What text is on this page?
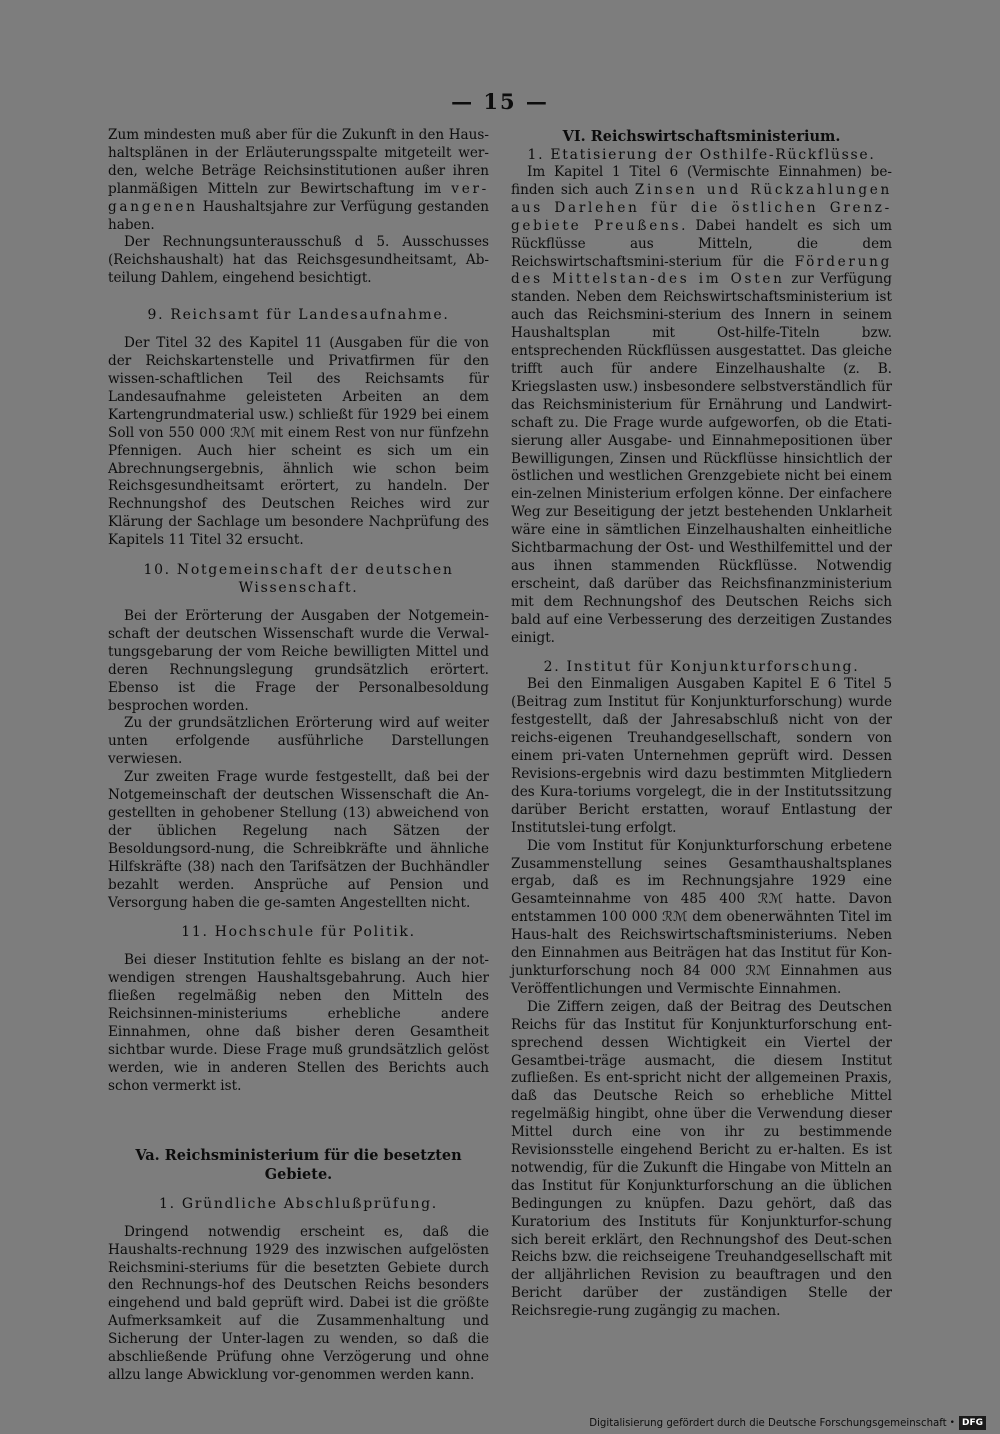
— 15 —

Zum mindesten muß aber für die Zukunft in den Haus-haltsplänen in der Erläuterungsspalte mitgeteilt wer-den, welche Beträge Reichsinstitutionen außer ihren planmäßigen Mitteln zur Bewirtschaftung im ver-gangenen Haushaltsjahre zur Verfügung gestanden haben.

Der Rechnungsunterausschuß d 5. Ausschusses (Reichshaushalt) hat das Reichsgesundheitsamt, Ab-teilung Dahlem, eingehend besichtigt.

9. Reichsamt für Landesaufnahme.

Der Titel 32 des Kapitel 11 (Ausgaben für die von der Reichskartenstelle und Privatfirmen für den wissen-schaftlichen Teil des Reichsamts für Landesaufnahme geleisteten Arbeiten an dem Kartengrundmaterial usw.) schließt für 1929 bei einem Soll von 550 000 ℛℳ mit einem Rest von nur fünfzehn Pfennigen. Auch hier scheint es sich um ein Abrechnungsergebnis, ähnlich wie schon beim Reichsgesundheitsamt erörtert, zu handeln. Der Rechnungshof des Deutschen Reiches wird zur Klärung der Sachlage um besondere Nachprüfung des Kapitels 11 Titel 32 ersucht.

10. Notgemeinschaft der deutschen Wissenschaft.

Bei der Erörterung der Ausgaben der Notgemein-schaft der deutschen Wissenschaft wurde die Verwal-tungsgebarung der vom Reiche bewilligten Mittel und deren Rechnungslegung grundsätzlich erörtert. Ebenso ist die Frage der Personalbesoldung besprochen worden.

Zu der grundsätzlichen Erörterung wird auf weiter unten erfolgende ausführliche Darstellungen verwiesen.

Zur zweiten Frage wurde festgestellt, daß bei der Notgemeinschaft der deutschen Wissenschaft die An-gestellten in gehobener Stellung (13) abweichend von der üblichen Regelung nach Sätzen der Besoldungsord-nung, die Schreibkräfte und ähnliche Hilfskräfte (38) nach den Tarifsätzen der Buchhändler bezahlt werden. Ansprüche auf Pension und Versorgung haben die ge-samten Angestellten nicht.

11. Hochschule für Politik.

Bei dieser Institution fehlte es bislang an der not-wendigen strengen Haushaltsgebahrung. Auch hier fließen regelmäßig neben den Mitteln des Reichsinnen-ministeriums erhebliche andere Einnahmen, ohne daß bisher deren Gesamtheit sichtbar wurde. Diese Frage muß grundsätzlich gelöst werden, wie in anderen Stellen des Berichts auch schon vermerkt ist.

Va. Reichsministerium für die besetzten Gebiete.
1. Gründliche Abschlußprüfung.

Dringend notwendig erscheint es, daß die Haushalts-rechnung 1929 des inzwischen aufgelösten Reichsmini-steriums für die besetzten Gebiete durch den Rechnungs-hof des Deutschen Reichs besonders eingehend und bald geprüft wird. Dabei ist die größte Aufmerksamkeit auf die Zusammenhaltung und Sicherung der Unter-lagen zu wenden, so daß die abschließende Prüfung ohne Verzögerung und ohne allzu lange Abwicklung vor-genommen werden kann.

VI. Reichswirtschaftsministerium.
1. Etatisierung der Osthilfe-Rückflüsse.

Im Kapitel 1 Titel 6 (Vermischte Einnahmen) be-finden sich auch Zinsen und Rückzahlungen aus Darlehen für die östlichen Grenz-gebiete Preußens. Dabei handelt es sich um Rückflüsse aus Mitteln, die dem Reichswirtschaftsmini-sterium für die Förderung des Mittelstan-des im Osten zur Verfügung standen. Neben dem Reichswirtschaftsministerium ist auch das Reichsmini-sterium des Innern in seinem Haushaltsplan mit Ost-hilfe-Titeln bzw. entsprechenden Rückflüssen ausgestattet. Das gleiche trifft auch für andere Einzelhaushalte (z. B. Kriegslasten usw.) insbesondere selbstverständlich für das Reichsministerium für Ernährung und Landwirt-schaft zu. Die Frage wurde aufgeworfen, ob die Etati-sierung aller Ausgabe- und Einnahmepositionen über Bewilligungen, Zinsen und Rückflüsse hinsichtlich der östlichen und westlichen Grenzgebiete nicht bei einem ein-zelnen Ministerium erfolgen könne. Der einfachere Weg zur Beseitigung der jetzt bestehenden Unklarheit wäre eine in sämtlichen Einzelhaushalten einheitliche Sichtbarmachung der Ost- und Westhilfemittel und der aus ihnen stammenden Rückflüsse. Notwendig erscheint, daß darüber das Reichsfinanzministerium mit dem Rechnungshof des Deutschen Reichs sich bald auf eine Verbesserung des derzeitigen Zustandes einigt.

2. Institut für Konjunkturforschung.

Bei den Einmaligen Ausgaben Kapitel E 6 Titel 5 (Beitrag zum Institut für Konjunkturforschung) wurde festgestellt, daß der Jahresabschluß nicht von der reichs-eigenen Treuhandgesellschaft, sondern von einem pri-vaten Unternehmen geprüft wird. Dessen Revisions-ergebnis wird dazu bestimmten Mitgliedern des Kura-toriums vorgelegt, die in der Institutssitzung darüber Bericht erstatten, worauf Entlastung der Institutslei-tung erfolgt.

Die vom Institut für Konjunkturforschung erbetene Zusammenstellung seines Gesamthaushaltsplanes ergab, daß es im Rechnungsjahre 1929 eine Gesamteinnahme von 485 400 ℛℳ hatte. Davon entstammen 100 000 ℛℳ dem obenerwähnten Titel im Haus-halt des Reichswirtschaftsministeriums. Neben den Einnahmen aus Beiträgen hat das Institut für Kon-junkturforschung noch 84 000 ℛℳ Einnahmen aus Veröffentlichungen und Vermischte Einnahmen.

Die Ziffern zeigen, daß der Beitrag des Deutschen Reichs für das Institut für Konjunkturforschung ent-sprechend dessen Wichtigkeit ein Viertel der Gesamtbei-träge ausmacht, die diesem Institut zufließen. Es ent-spricht nicht der allgemeinen Praxis, daß das Deutsche Reich so erhebliche Mittel regelmäßig hingibt, ohne über die Verwendung dieser Mittel durch eine von ihr zu bestimmende Revisionsstelle eingehend Bericht zu er-halten. Es ist notwendig, für die Zukunft die Hingabe von Mitteln an das Institut für Konjunkturforschung an die üblichen Bedingungen zu knüpfen. Dazu gehört, daß das Kuratorium des Instituts für Konjunkturfor-schung sich bereit erklärt, den Rechnungshof des Deut-schen Reichs bzw. die reichseigene Treuhandgesellschaft mit der alljährlichen Revision zu beauftragen und den Bericht darüber der zuständigen Stelle der Reichsregie-rung zugängig zu machen.

Digitalisierung gefördert durch die Deutsche Forschungsgemeinschaft • DFG
